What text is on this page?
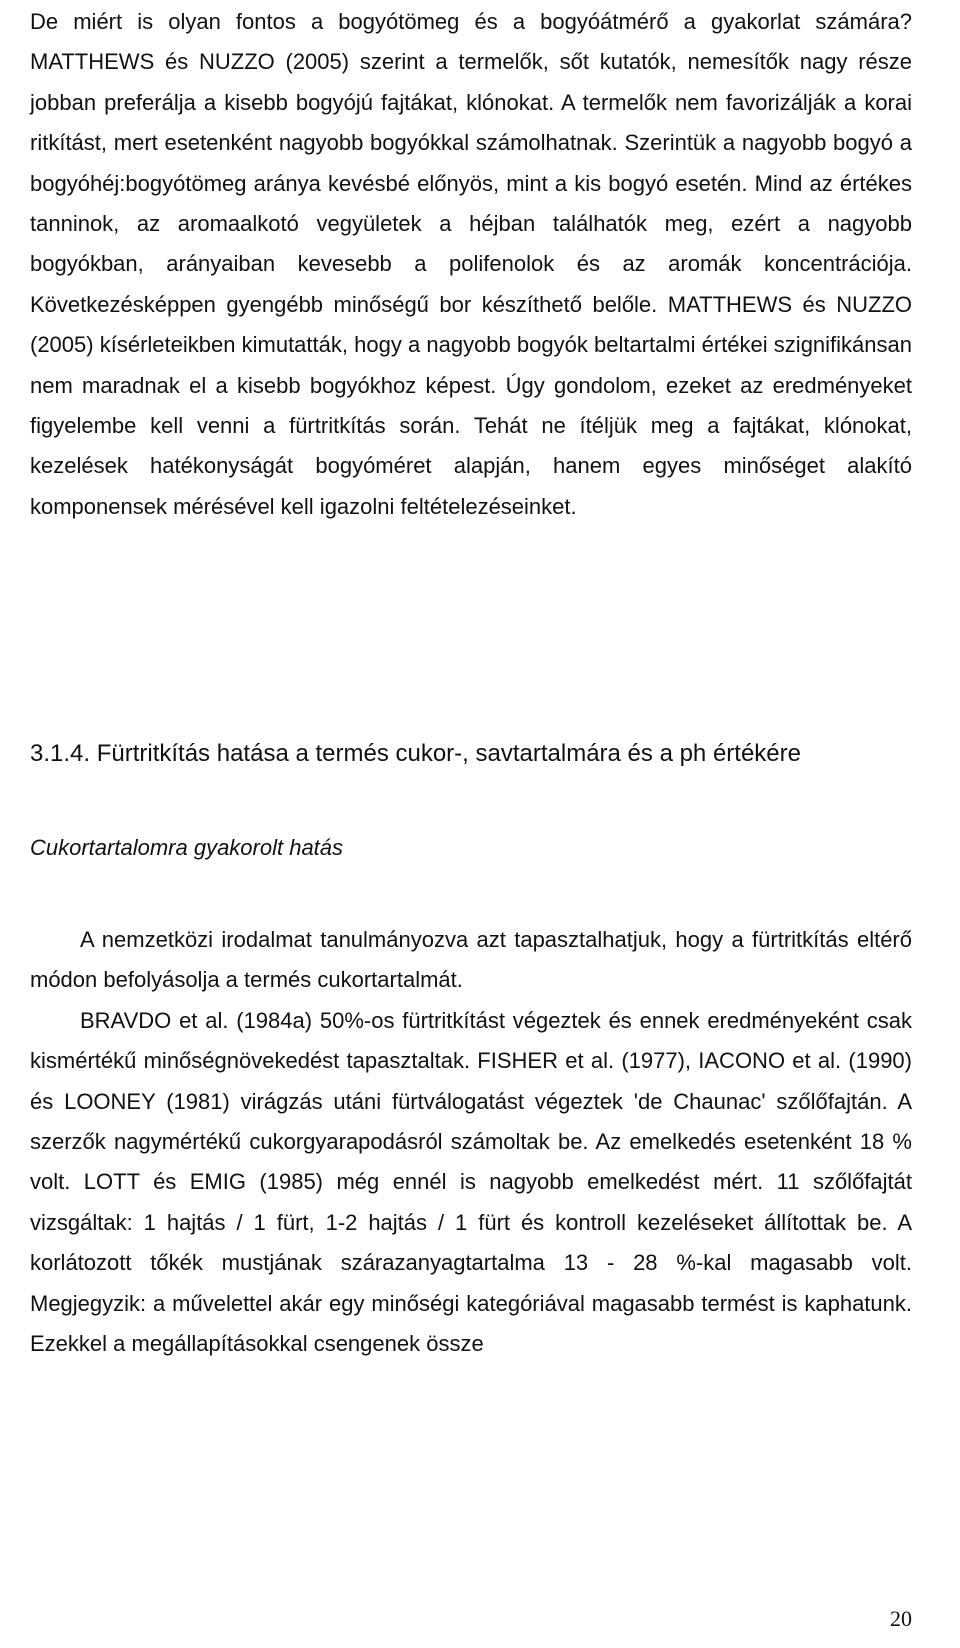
De miért is olyan fontos a bogyótömeg és a bogyóátmérő a gyakorlat számára? MATTHEWS és NUZZO (2005) szerint a termelők, sőt kutatók, nemesítők nagy része jobban preferálja a kisebb bogyójú fajtákat, klónokat. A termelők nem favorizálják a korai ritkítást, mert esetenként nagyobb bogyókkal számolhatnak. Szerintük a nagyobb bogyó a bogyóhéj:bogyótömeg aránya kevésbé előnyös, mint a kis bogyó esetén. Mind az értékes tanninok, az aromaalkotó vegyületek a héjban találhatók meg, ezért a nagyobb bogyókban, arányaiban kevesebb a polifenolok és az aromák koncentrációja. Következésképpen gyengébb minőségű bor készíthető belőle. MATTHEWS és NUZZO (2005) kísérleteikben kimutatták, hogy a nagyobb bogyók beltartalmi értékei szignifikánsan nem maradnak el a kisebb bogyókhoz képest. Úgy gondolom, ezeket az eredményeket figyelembe kell venni a fürtritkítás során. Tehát ne ítéljük meg a fajtákat, klónokat, kezelések hatékonyságát bogyóméret alapján, hanem egyes minőséget alakító komponensek mérésével kell igazolni feltételezéseinket.

3.1.4. Fürtritkítás hatása a termés cukor-, savtartalmára és a ph értékére
Cukortartalomra gyakorolt hatás

A nemzetközi irodalmat tanulmányozva azt tapasztalhatjuk, hogy a fürtritkítás eltérő módon befolyásolja a termés cukortartalmát.

BRAVDO et al. (1984a) 50%-os fürtritkítást végeztek és ennek eredményeként csak kismértékű minőségnövekedést tapasztaltak. FISHER et al. (1977), IACONO et al. (1990) és LOONEY (1981) virágzás utáni fürtválogatást végeztek 'de Chaunac' szőlőfajtán. A szerzők nagymértékű cukorgyarapodásról számoltak be. Az emelkedés esetenként 18 % volt. LOTT és EMIG (1985) még ennél is nagyobb emelkedést mért. 11 szőlőfajtát vizsgáltak: 1 hajtás / 1 fürt, 1-2 hajtás / 1 fürt és kontroll kezeléseket állítottak be. A korlátozott tőkék mustjának szárazanyagtartalma 13 - 28 %-kal magasabb volt. Megjegyzik: a művelettel akár egy minőségi kategóriával magasabb termést is kaphatunk. Ezekkel a megállapításokkal csengenek össze

20
